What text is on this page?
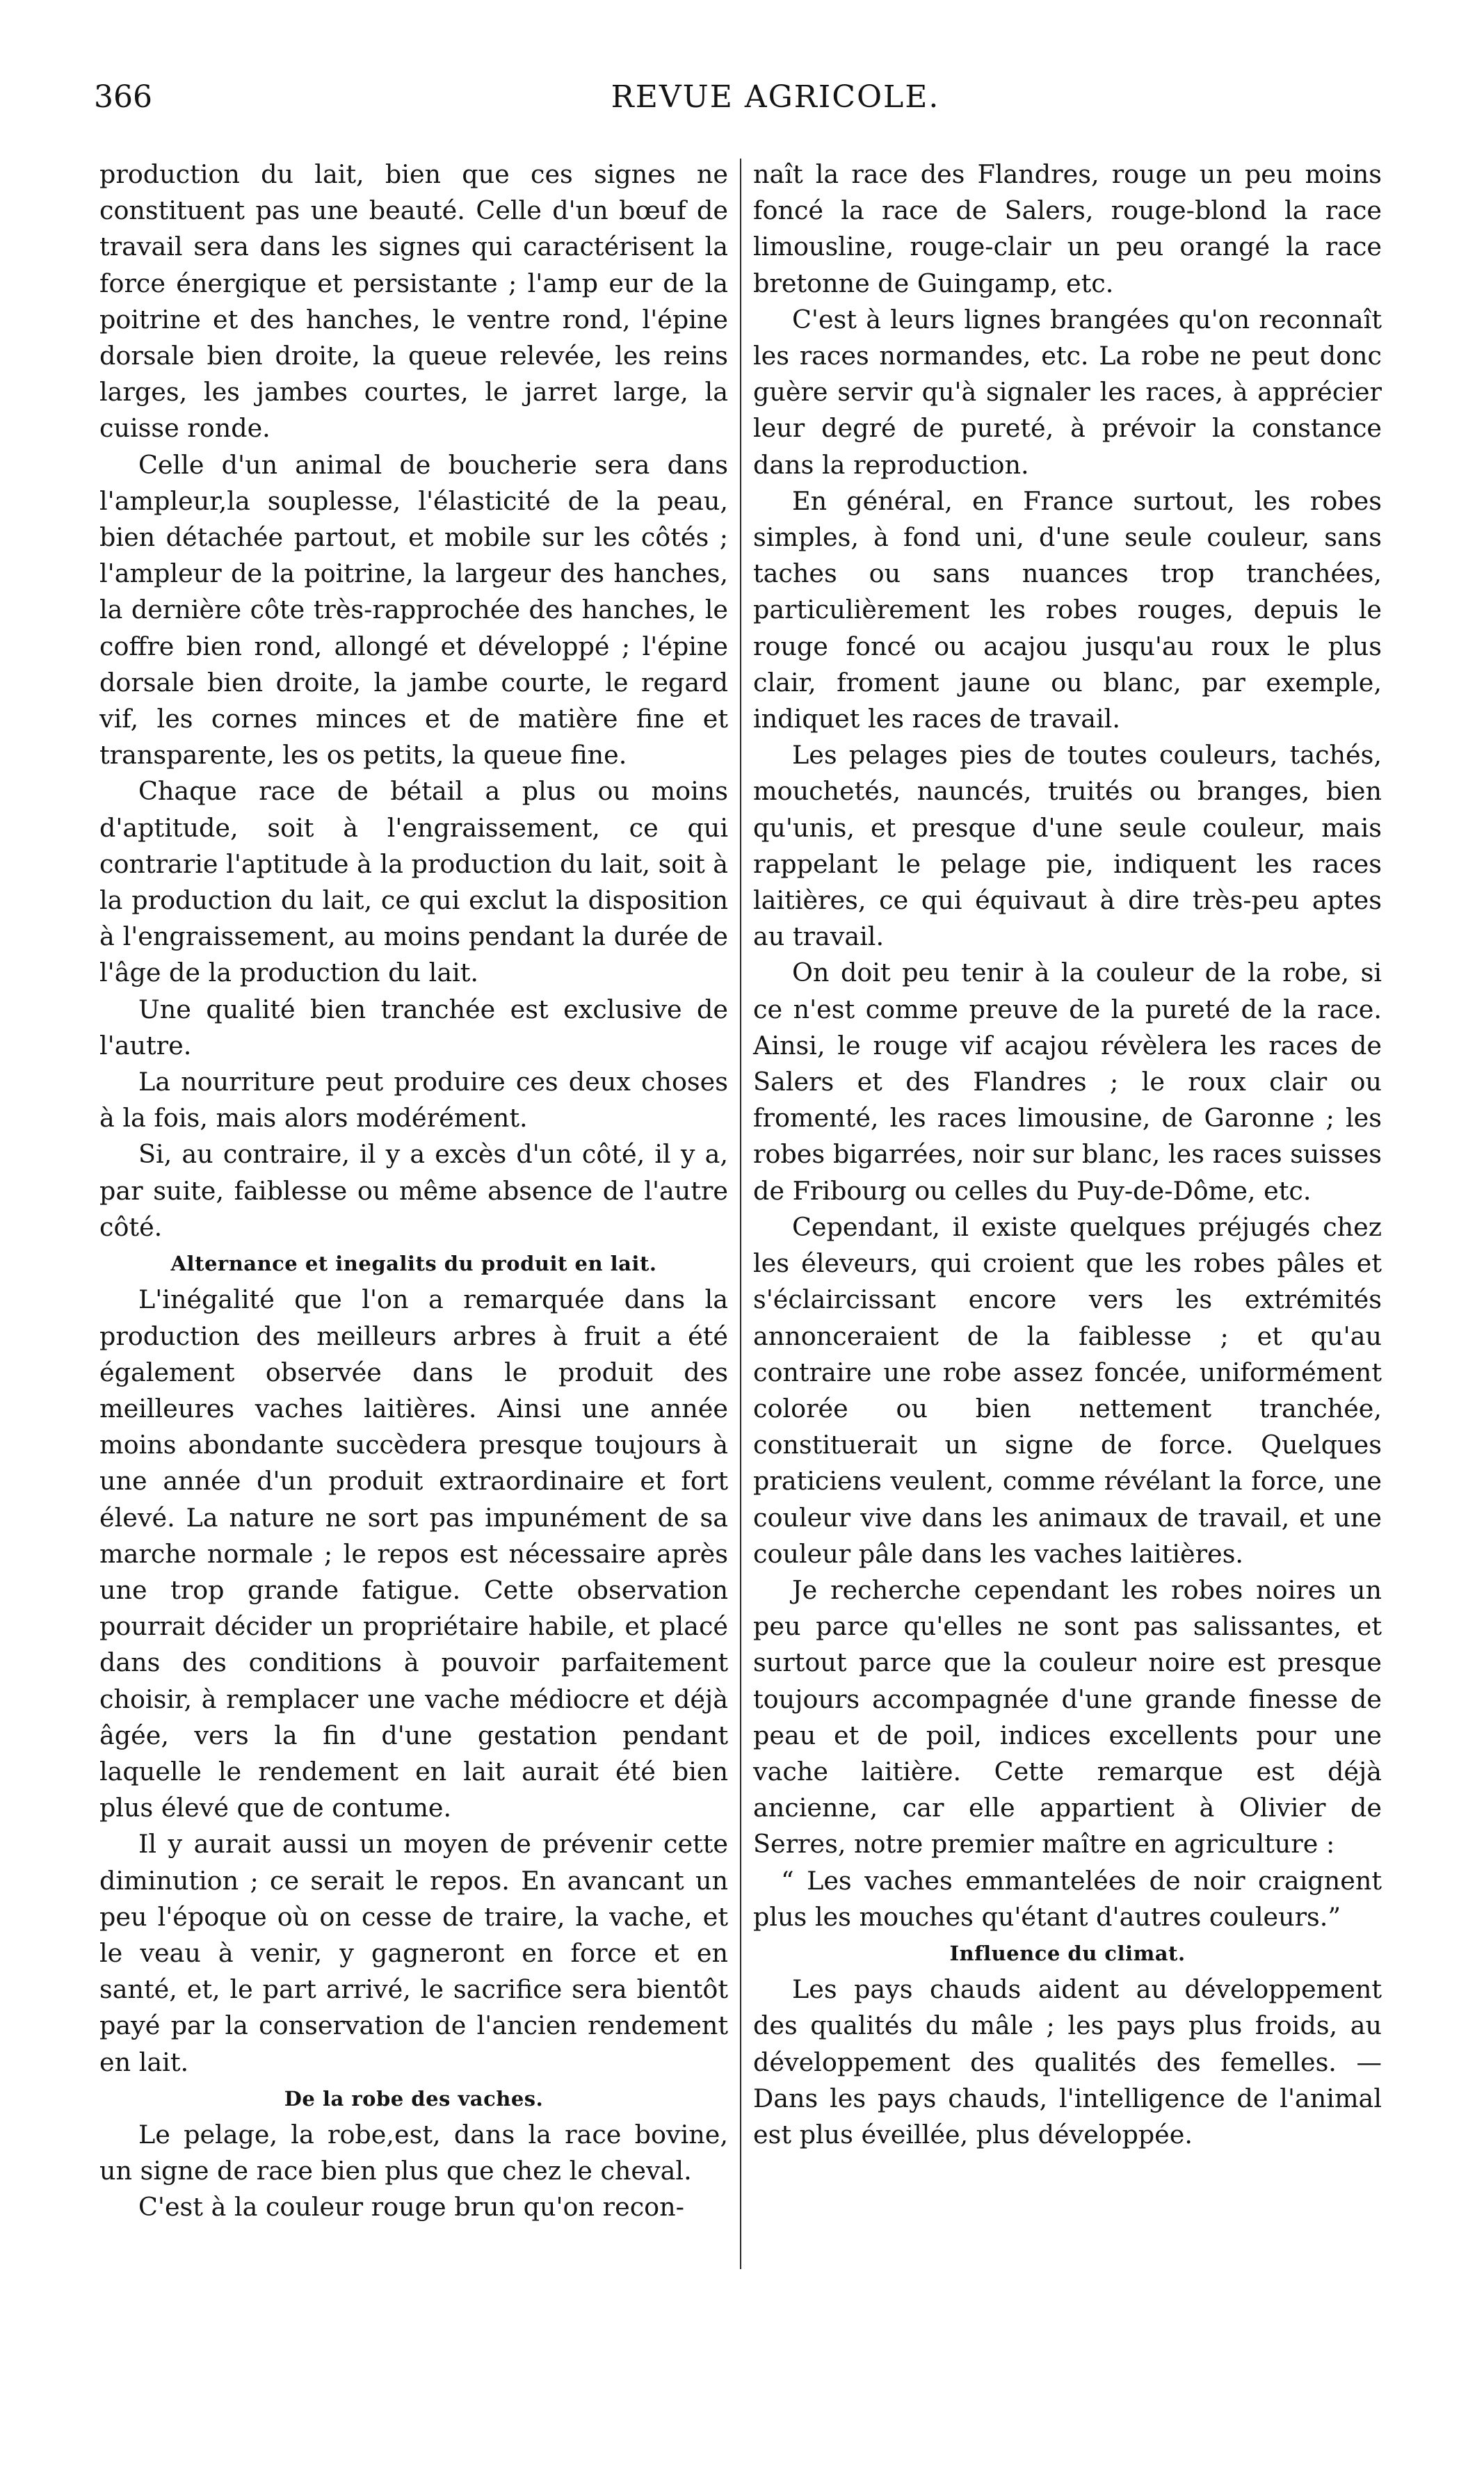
366	REVUE AGRICOLE.

production du lait, bien que ces signes ne constituent pas une beauté. Celle d'un bœuf de travail sera dans les signes qui caractérisent la force énergique et persistante ; l'amp eur de la poitrine et des hanches, le ventre rond, l'épine dorsale bien droite, la queue relevée, les reins larges, les jambes courtes, le jarret large, la cuisse ronde.

Celle d'un animal de boucherie sera dans l'ampleur,la souplesse, l'élasticité de la peau, bien détachée partout, et mobile sur les côtés ; l'ampleur de la poitrine, la largeur des hanches, la dernière côte très-rapprochée des hanches, le coffre bien rond, allongé et développé ; l'épine dorsale bien droite, la jambe courte, le regard vif, les cornes minces et de matière fine et transparente, les os petits, la queue fine.

Chaque race de bétail a plus ou moins d'aptitude, soit à l'engraissement, ce qui contrarie l'aptitude à la production du lait, soit à la production du lait, ce qui exclut la disposition à l'engraissement, au moins pendant la durée de l'âge de la production du lait.

Une qualité bien tranchée est exclusive de l'autre.

La nourriture peut produire ces deux choses à la fois, mais alors modérément.

Si, au contraire, il y a excès d'un côté, il y a, par suite, faiblesse ou même absence de l'autre côté.

Alternance et inegalits du produit en lait.

L'inégalité que l'on a remarquée dans la production des meilleurs arbres à fruit a été également observée dans le produit des meilleures vaches laitières. Ainsi une année moins abondante succèdera presque toujours à une année d'un produit extraordinaire et fort élevé. La nature ne sort pas impunément de sa marche normale ; le repos est nécessaire après une trop grande fatigue. Cette observation pourrait décider un propriétaire habile, et placé dans des conditions à pouvoir parfaitement choisir, à remplacer une vache médiocre et déjà âgée, vers la fin d'une gestation pendant laquelle le rendement en lait aurait été bien plus élevé que de contume.

Il y aurait aussi un moyen de prévenir cette diminution ; ce serait le repos. En avancant un peu l'époque où on cesse de traire, la vache, et le veau à venir, y gagneront en force et en santé, et, le part arrivé, le sacrifice sera bientôt payé par la conservation de l'ancien rendement en lait.

De la robe des vaches.

Le pelage, la robe,est, dans la race bovine, un signe de race bien plus que chez le cheval.

C'est à la couleur rouge brun qu'on recon-

naît la race des Flandres, rouge un peu moins foncé la race de Salers, rouge-blond la race limousline, rouge-clair un peu orangé la race bretonne de Guingamp, etc.

C'est à leurs lignes brangées qu'on reconnaît les races normandes, etc. La robe ne peut donc guère servir qu'à signaler les races, à apprécier leur degré de pureté, à prévoir la constance dans la reproduction.

En général, en France surtout, les robes simples, à fond uni, d'une seule couleur, sans taches ou sans nuances trop tranchées, particulièrement les robes rouges, depuis le rouge foncé ou acajou jusqu'au roux le plus clair, froment jaune ou blanc, par exemple, indiquet les races de travail.

Les pelages pies de toutes couleurs, tachés, mouchetés, nauncés, truités ou branges, bien qu'unis, et presque d'une seule couleur, mais rappelant le pelage pie, indiquent les races laitières, ce qui équivaut à dire très-peu aptes au travail.

On doit peu tenir à la couleur de la robe, si ce n'est comme preuve de la pureté de la race. Ainsi, le rouge vif acajou révèlera les races de Salers et des Flandres ; le roux clair ou fromenté, les races limousine, de Garonne ; les robes bigarrées, noir sur blanc, les races suisses de Fribourg ou celles du Puy-de-Dôme, etc.

Cependant, il existe quelques préjugés chez les éleveurs, qui croient que les robes pâles et s'éclaircissant encore vers les extrémités annonceraient de la faiblesse ; et qu'au contraire une robe assez foncée, uniformément colorée ou bien nettement tranchée, constituerait un signe de force. Quelques praticiens veulent, comme révélant la force, une couleur vive dans les animaux de travail, et une couleur pâle dans les vaches laitières.

Je recherche cependant les robes noires un peu parce qu'elles ne sont pas salissantes, et surtout parce que la couleur noire est presque toujours accompagnée d'une grande finesse de peau et de poil, indices excellents pour une vache laitière. Cette remarque est déjà ancienne, car elle appartient à Olivier de Serres, notre premier maître en agriculture :

“ Les vaches emmantelées de noir craignent plus les mouches qu'étant d'autres couleurs.”
Influence du climat.

Les pays chauds aident au développement des qualités du mâle ; les pays plus froids, au développement des qualités des femelles. —Dans les pays chauds, l'intelligence de l'animal est plus éveillée, plus développée.
